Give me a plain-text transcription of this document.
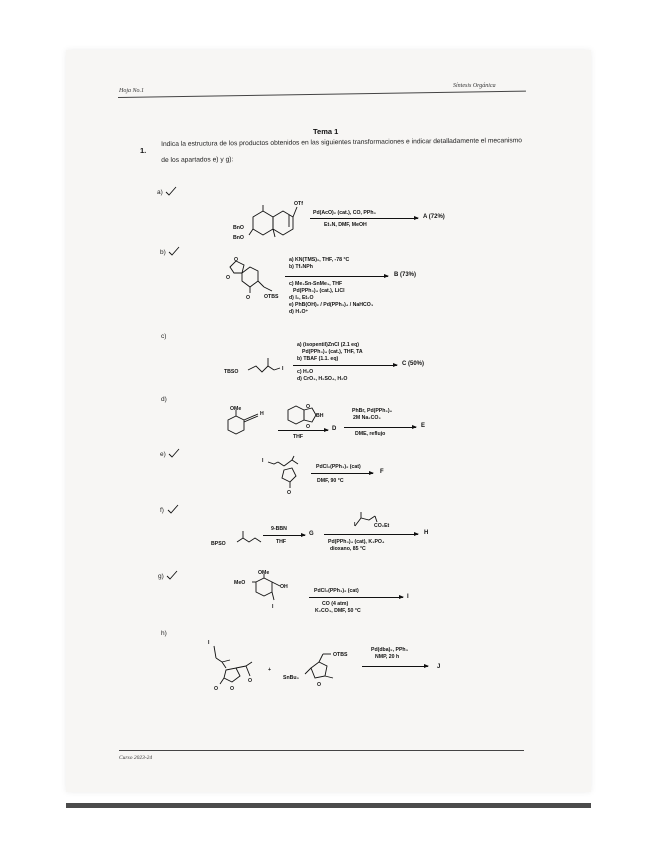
Hoja No.1
Síntesis Orgánica
Tema 1
1.
Indica la estructura de los productos obtenidos en las siguientes transformaciones e indicar detalladamente el mecanismo de los apartados e) y g):
a)
OTf
BnO
BnO
Pd(AcO)₂ (cat.), CO, PPh₃
Et₃N, DMF, MeOH
A (72%)
b)
O
O
O	OTBS
a) KN(TMS)₂, THF, -78 °C
b) Tf₂NPh
c) Me₃Sn-SnMe₃, THF
Pd(PPh₃)₄ (cat.), LiCl
d) I₂, Et₂O
e) PhB(OH)₂ / Pd(PPh₃)₄ / NaHCO₃
d) H₃O⁺
B (73%)
c)
TBSO	I
a) (isopentil)ZnCl (2.1 eq)
Pd(PPh₃)₄ (cat.), THF, TA
b) TBAF (1.1. eq)
c) H₂O
d) CrO₃, H₂SO₄, H₂O
C (50%)
d)
OMe
H
O
BH
O
THF
D
PhBr, Pd(PPh₃)₄
2M Na₂CO₃
DME, reflujo
E
e)
I
O
PdCl₂(PPh₃)₂ (cat)
DMF, 90 °C
F
f)
BPSO
9-BBN
THF
G
I	CO₂Et
Pd(PPh₃)₄ (cat), K₃PO₄
dioxano, 85 °C
H
g)	OMe
MeO
OH
I
PdCl₂(PPh₃)₂ (cat)
CO (4 atm)
K₂CO₃, DMF, 50 °C
I
h)
I
O
O
O
+
SnBu₃
OTBS
O
Pd(dba)₂, PPh₃
NMP, 20 h
J
Curso 2023-24
